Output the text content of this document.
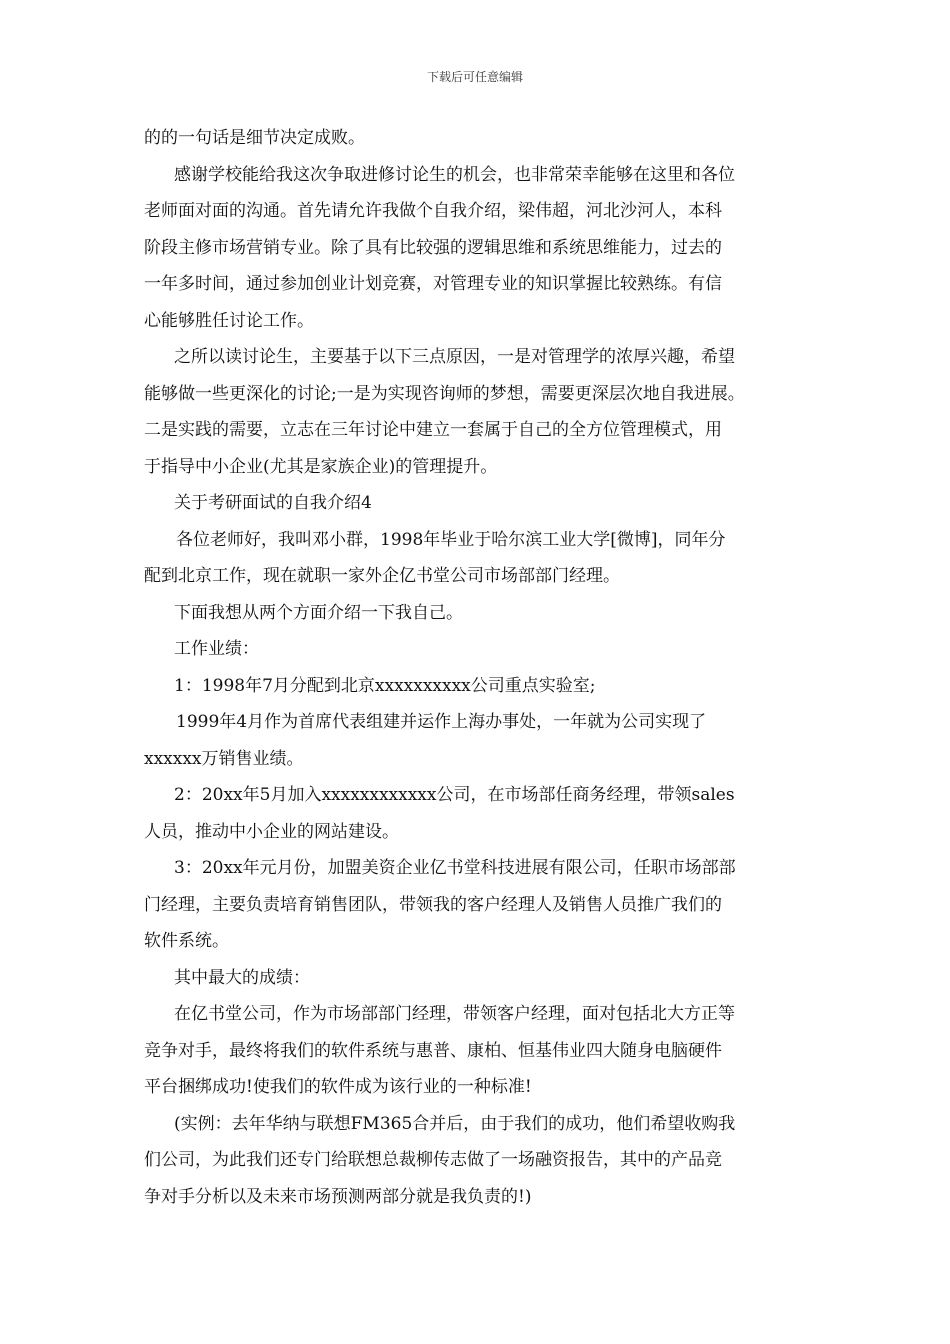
下载后可任意编辑

的的一句话是细节决定成败。

感谢学校能给我这次争取进修讨论生的机会，也非常荣幸能够在这里和各位

老师面对面的沟通。首先请允许我做个自我介绍，梁伟超，河北沙河人，本科

阶段主修市场营销专业。除了具有比较强的逻辑思维和系统思维能力，过去的

一年多时间，通过参加创业计划竞赛，对管理专业的知识掌握比较熟练。有信

心能够胜任讨论工作。

之所以读讨论生，主要基于以下三点原因，一是对管理学的浓厚兴趣，希望

能够做一些更深化的讨论;一是为实现咨询师的梦想，需要更深层次地自我进展。

二是实践的需要，立志在三年讨论中建立一套属于自己的全方位管理模式，用

于指导中小企业(尤其是家族企业)的管理提升。

关于考研面试的自我介绍4

各位老师好，我叫邓小群，1998年毕业于哈尔滨工业大学[微博]，同年分

配到北京工作，现在就职一家外企亿书堂公司市场部部门经理。

下面我想从两个方面介绍一下我自己。

工作业绩：

1：1998年7月分配到北京xxxxxxxxxx公司重点实验室;

1999年4月作为首席代表组建并运作上海办事处，一年就为公司实现了

xxxxxx万销售业绩。

2：20xx年5月加入xxxxxxxxxxxx公司，在市场部任商务经理，带领sales

人员，推动中小企业的网站建设。

3：20xx年元月份，加盟美资企业亿书堂科技进展有限公司，任职市场部部

门经理，主要负责培育销售团队，带领我的客户经理人及销售人员推广我们的

软件系统。

其中最大的成绩：

在亿书堂公司，作为市场部部门经理，带领客户经理，面对包括北大方正等

竞争对手，最终将我们的软件系统与惠普、康柏、恒基伟业四大随身电脑硬件

平台捆绑成功!使我们的软件成为该行业的一种标准!

(实例：去年华纳与联想FM365合并后，由于我们的成功，他们希望收购我

们公司，为此我们还专门给联想总裁柳传志做了一场融资报告，其中的产品竞

争对手分析以及未来市场预测两部分就是我负责的!)
